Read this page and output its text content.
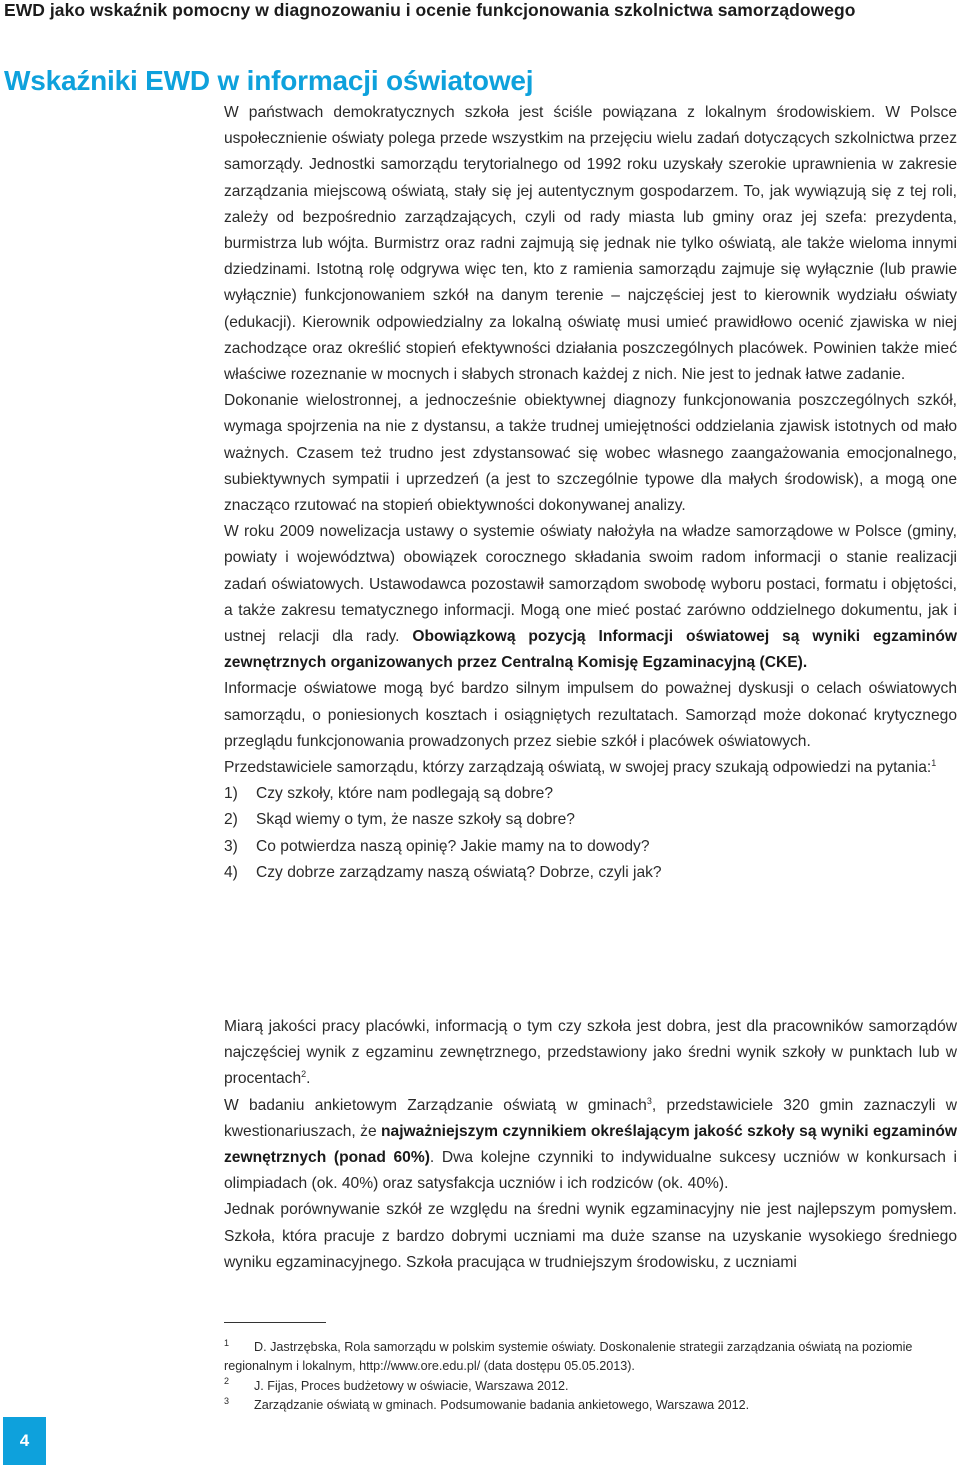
EWD jako wskaźnik pomocny w diagnozowaniu i ocenie funkcjonowania szkolnictwa samorządowego
Wskaźniki EWD w informacji oświatowej

W państwach demokratycznych szkoła jest ściśle powiązana z lokalnym środowiskiem. W Polsce uspołecznienie oświaty polega przede wszystkim na przejęciu wielu zadań dotyczących szkolnictwa przez samorządy. Jednostki samorządu terytorialnego od 1992 roku uzyskały szerokie uprawnienia w zakresie zarządzania miejscową oświatą, stały się jej autentycznym gospodarzem. To, jak wywiązują się z tej roli, zależy od bezpośrednio zarządzających, czyli od rady miasta lub gminy oraz jej szefa: prezydenta, burmistrza lub wójta. Burmistrz oraz radni zajmują się jednak nie tylko oświatą, ale także wieloma innymi dziedzinami. Istotną rolę odgrywa więc ten, kto z ramienia samorządu zajmuje się wyłącznie (lub prawie wyłącznie) funkcjonowaniem szkół na danym terenie – najczęściej jest to kierownik wydziału oświaty (edukacji). Kierownik odpowiedzialny za lokalną oświatę musi umieć prawidłowo ocenić zjawiska w niej zachodzące oraz określić stopień efektywności działania poszczególnych placówek. Powinien także mieć właściwe rozeznanie w mocnych i słabych stronach każdej z nich. Nie jest to jednak łatwe zadanie.

Dokonanie wielostronnej, a jednocześnie obiektywnej diagnozy funkcjonowania poszczególnych szkół, wymaga spojrzenia na nie z dystansu, a także trudnej umiejętności oddzielania zjawisk istotnych od mało ważnych. Czasem też trudno jest zdystansować się wobec własnego zaangażowania emocjonalnego, subiektywnych sympatii i uprzedzeń (a jest to szczególnie typowe dla małych środowisk), a mogą one znacząco rzutować na stopień obiektywności dokonywanej analizy.

W roku 2009 nowelizacja ustawy o systemie oświaty nałożyła na władze samorządowe w Polsce (gminy, powiaty i województwa) obowiązek corocznego składania swoim radom informacji o stanie realizacji zadań oświatowych. Ustawodawca pozostawił samorządom swobodę wyboru postaci, formatu i objętości, a także zakresu tematycznego informacji. Mogą one mieć postać zarówno oddzielnego dokumentu, jak i ustnej relacji dla rady. Obowiązkową pozycją Informacji oświatowej są wyniki egzaminów zewnętrznych organizowanych przez Centralną Komisję Egzaminacyjną (CKE).

Informacje oświatowe mogą być bardzo silnym impulsem do poważnej dyskusji o celach oświatowych samorządu, o poniesionych kosztach i osiągniętych rezultatach. Samorząd może dokonać krytycznego przeglądu funkcjonowania prowadzonych przez siebie szkół i placówek oświatowych.

Przedstawiciele samorządu, którzy zarządzają oświatą, w swojej pracy szukają odpowiedzi na pytania:$^1$

1)	Czy szkoły, które nam podlegają są dobre?
2)	Skąd wiemy o tym, że nasze szkoły są dobre?
3)	Co potwierdza naszą opinię? Jakie mamy na to dowody?
4)	Czy dobrze zarządzamy naszą oświatą? Dobrze, czyli jak?

Miarą jakości pracy placówki, informacją o tym czy szkoła jest dobra, jest dla pracowników samorządów najczęściej wynik z egzaminu zewnętrznego, przedstawiony jako średni wynik szkoły w punktach lub w procentach$^2$.

W badaniu ankietowym Zarządzanie oświatą w gminach$^3$, przedstawiciele 320 gmin zaznaczyli w kwestionariuszach, że najważniejszym czynnikiem określającym jakość szkoły są wyniki egzaminów zewnętrznych (ponad 60%). Dwa kolejne czynniki to indywidualne sukcesy uczniów w konkursach i olimpiadach (ok. 40%) oraz satysfakcja uczniów i ich rodziców (ok. 40%).

Jednak porównywanie szkół ze względu na średni wynik egzaminacyjny nie jest najlepszym pomysłem. Szkoła, która pracuje z bardzo dobrymi uczniami ma duże szanse na uzyskanie wysokiego średniego wyniku egzaminacyjnego. Szkoła pracująca w trudniejszym środowisku, z uczniami

1 D. Jastrzębska, Rola samorządu w polskim systemie oświaty. Doskonalenie strategii zarządzania oświatą na poziomie regionalnym i lokalnym, http://www.ore.edu.pl/ (data dostępu 05.05.2013).

2 J. Fijas, Proces budżetowy w oświacie, Warszawa 2012.

3 Zarządzanie oświatą w gminach. Podsumowanie badania ankietowego, Warszawa 2012.

4
